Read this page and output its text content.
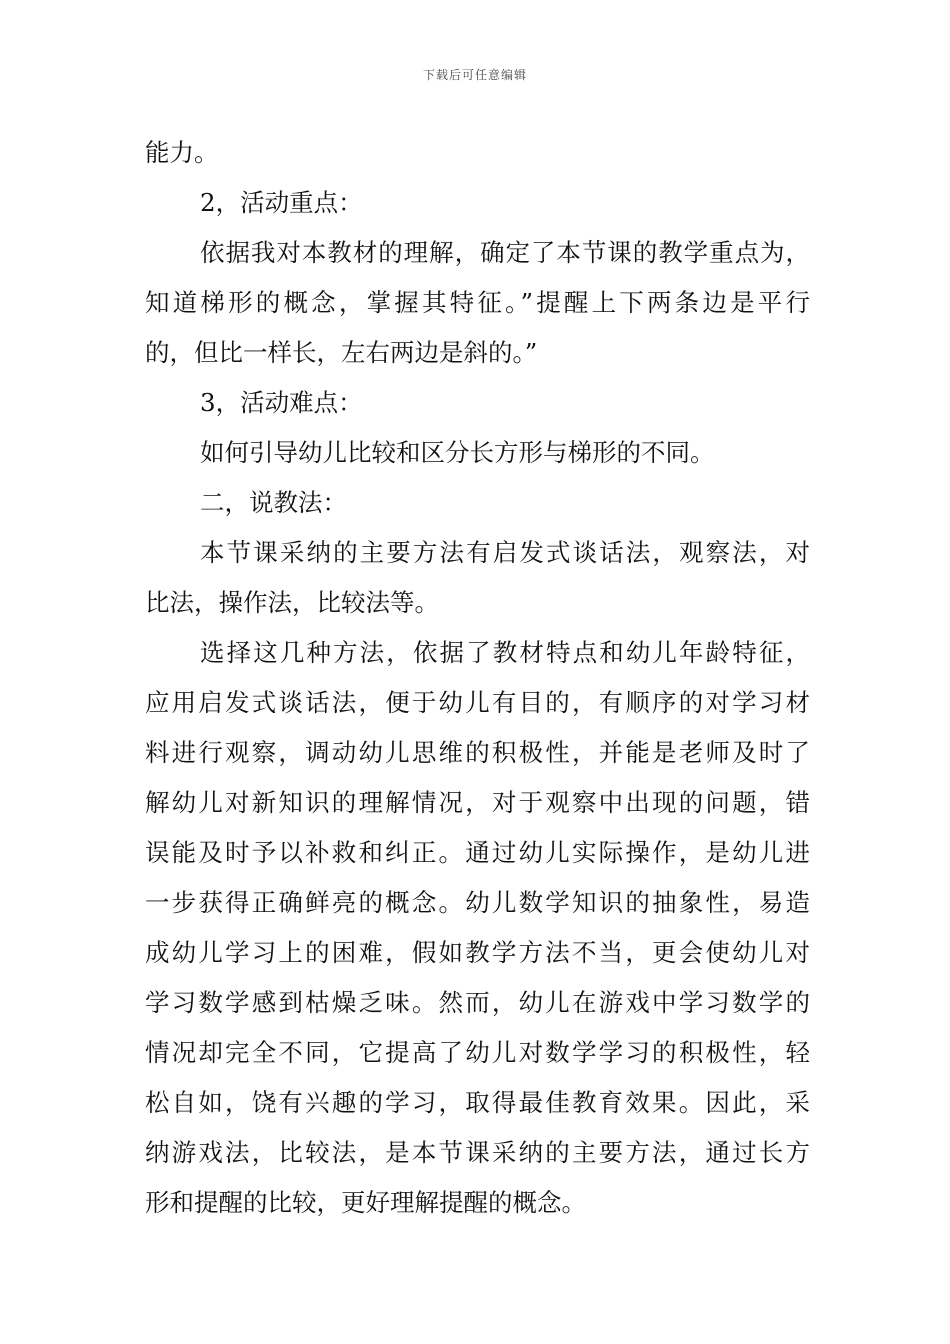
下载后可任意编辑
能力。
2，活动重点：
依据我对本教材的理解，确定了本节课的教学重点为，
知道梯形的概念，掌握其特征。”提醒上下两条边是平行
的，但比一样长，左右两边是斜的。”
3，活动难点：
如何引导幼儿比较和区分长方形与梯形的不同。
二，说教法：
本节课采纳的主要方法有启发式谈话法，观察法，对
比法，操作法，比较法等。
选择这几种方法，依据了教材特点和幼儿年龄特征，
应用启发式谈话法，便于幼儿有目的，有顺序的对学习材
料进行观察，调动幼儿思维的积极性，并能是老师及时了
解幼儿对新知识的理解情况，对于观察中出现的问题，错
误能及时予以补救和纠正。通过幼儿实际操作，是幼儿进
一步获得正确鲜亮的概念。幼儿数学知识的抽象性，易造
成幼儿学习上的困难，假如教学方法不当，更会使幼儿对
学习数学感到枯燥乏味。然而，幼儿在游戏中学习数学的
情况却完全不同，它提高了幼儿对数学学习的积极性，轻
松自如，饶有兴趣的学习，取得最佳教育效果。因此，采
纳游戏法，比较法，是本节课采纳的主要方法，通过长方
形和提醒的比较，更好理解提醒的概念。
